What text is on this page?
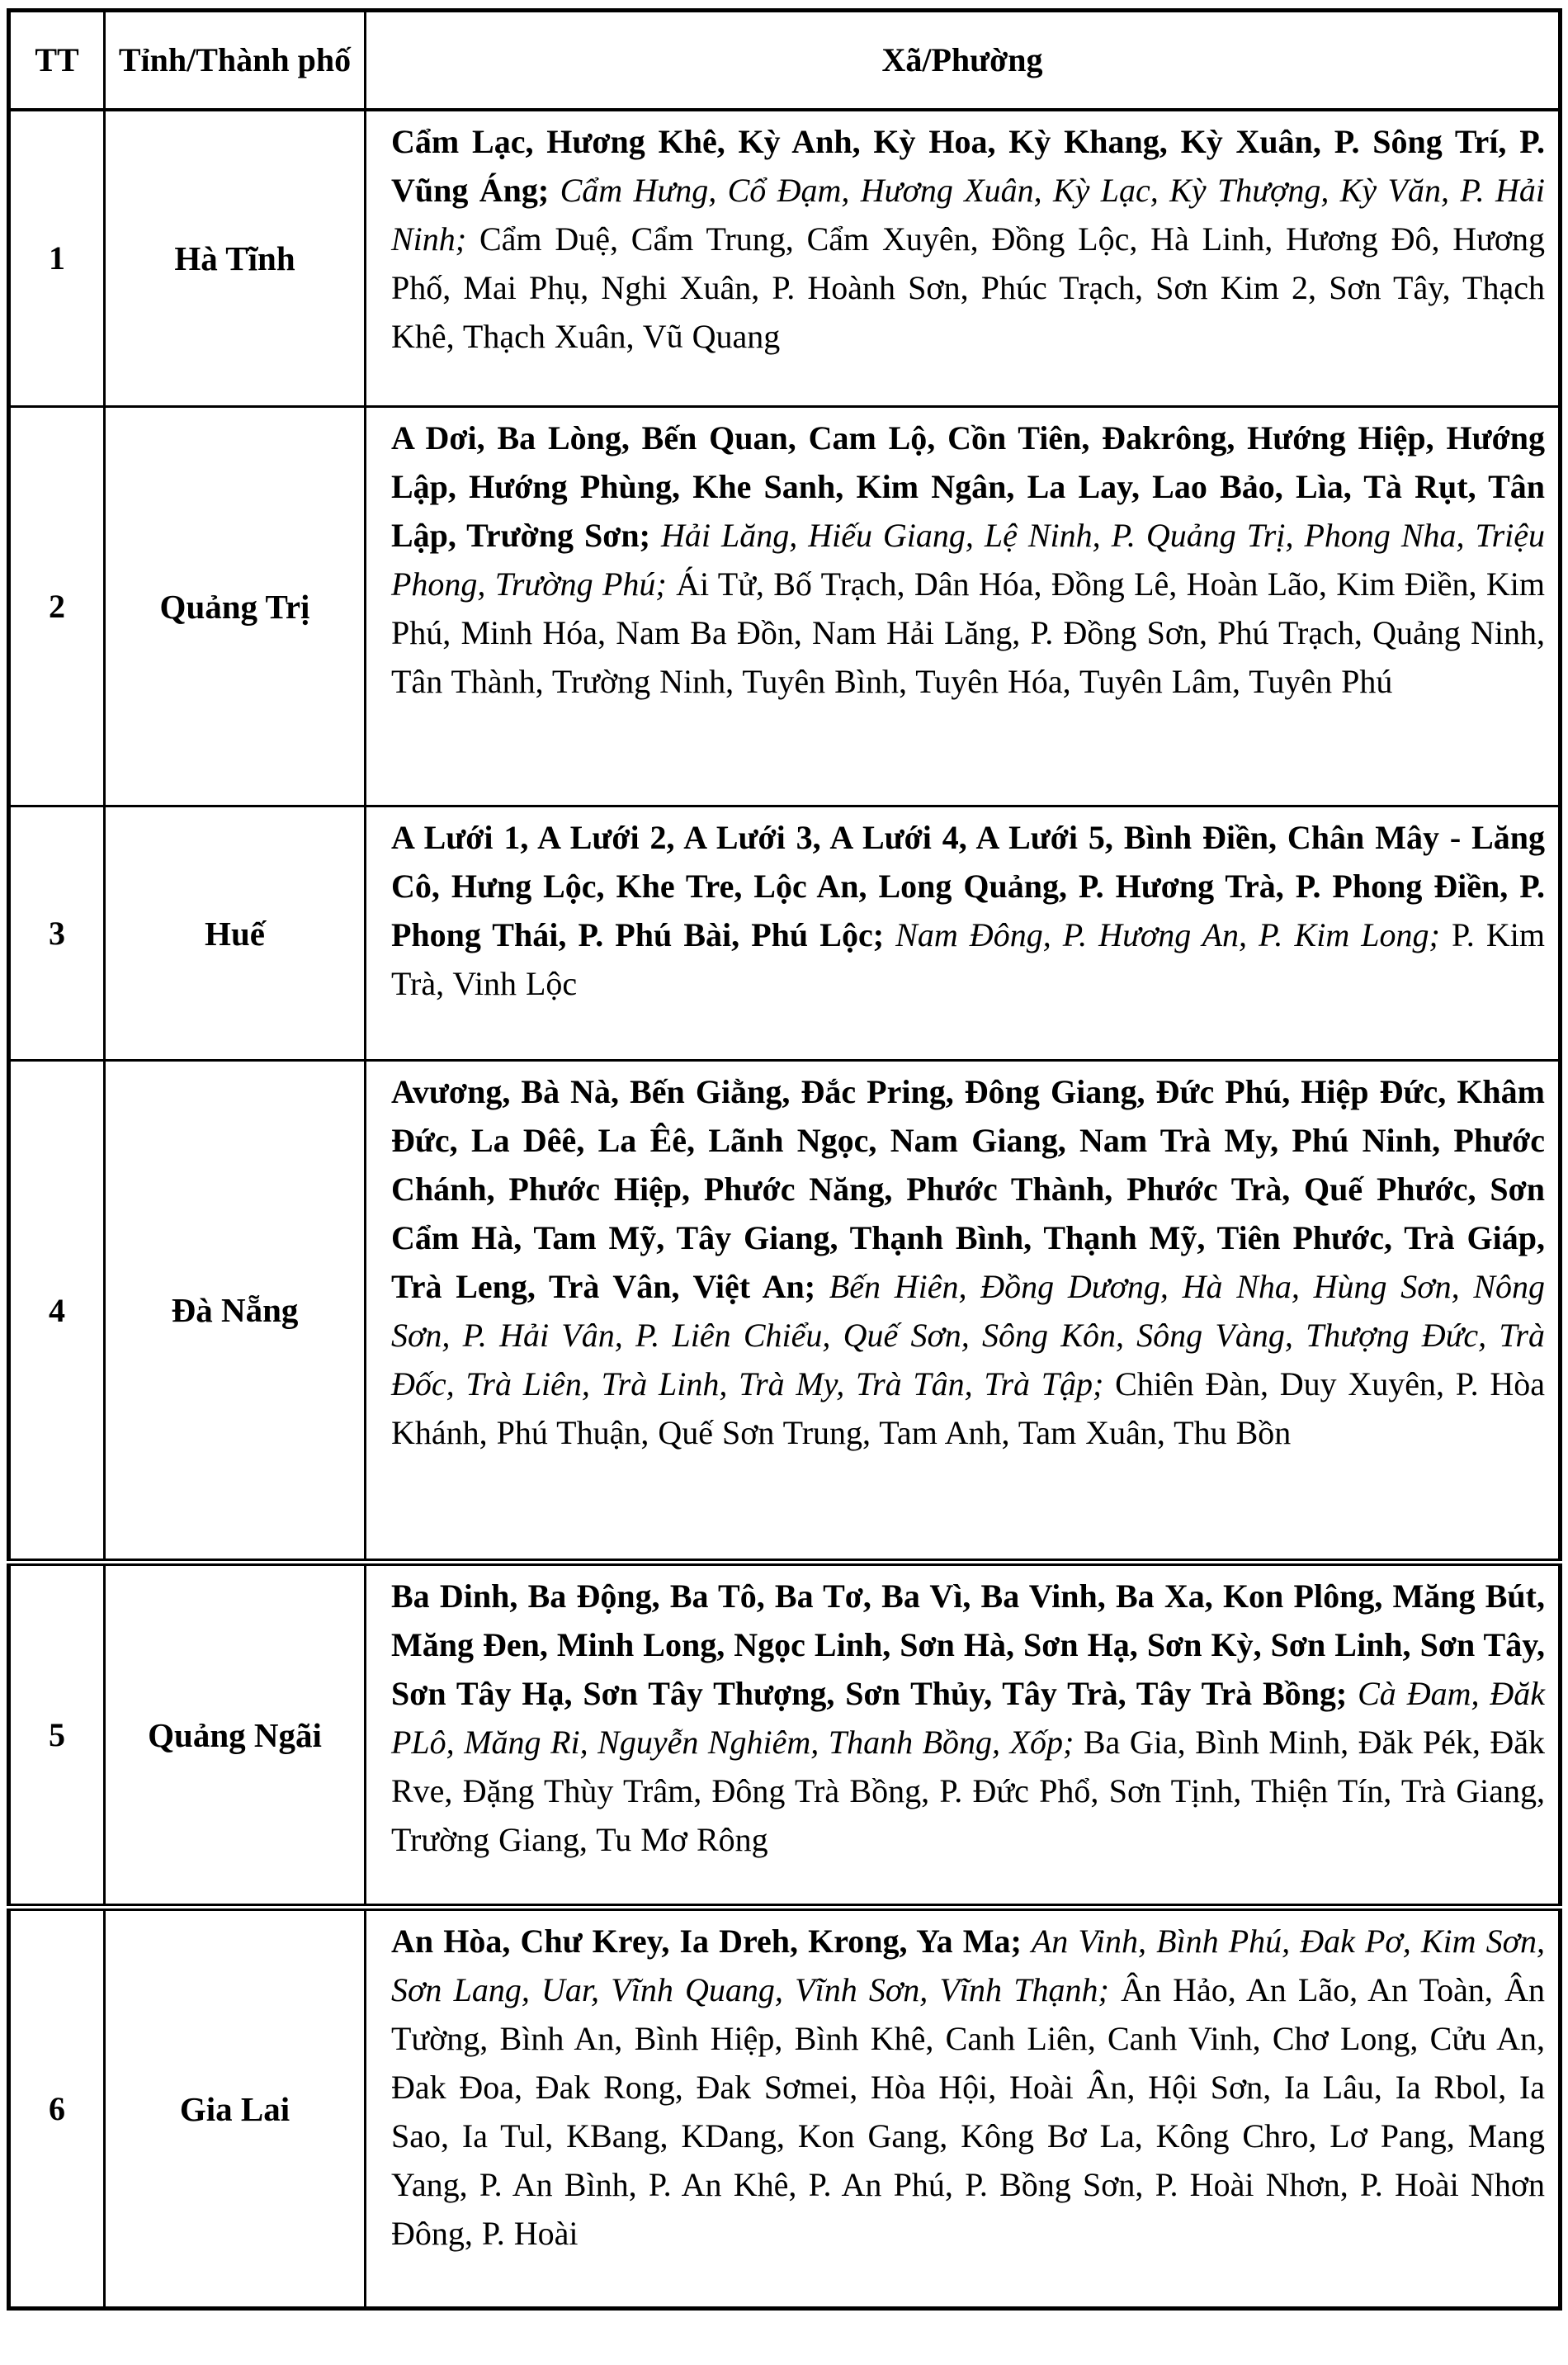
TT	Tỉnh/Thành phố	Xã/Phường
1	Hà Tĩnh	Cẩm Lạc, Hương Khê, Kỳ Anh, Kỳ Hoa, Kỳ Khang, Kỳ Xuân, P. Sông Trí, P. Vũng Áng; Cẩm Hưng, Cổ Đạm, Hương Xuân, Kỳ Lạc, Kỳ Thượng, Kỳ Văn, P. Hải Ninh; Cẩm Duệ, Cẩm Trung, Cẩm Xuyên, Đồng Lộc, Hà Linh, Hương Đô, Hương Phố, Mai Phụ, Nghi Xuân, P. Hoành Sơn, Phúc Trạch, Sơn Kim 2, Sơn Tây, Thạch Khê, Thạch Xuân, Vũ Quang
2	Quảng Trị	A Dơi, Ba Lòng, Bến Quan, Cam Lộ, Cồn Tiên, Đakrông, Hướng Hiệp, Hướng Lập, Hướng Phùng, Khe Sanh, Kim Ngân, La Lay, Lao Bảo, Lìa, Tà Rụt, Tân Lập, Trường Sơn; Hải Lăng, Hiếu Giang, Lệ Ninh, P. Quảng Trị, Phong Nha, Triệu Phong, Trường Phú; Ái Tử, Bố Trạch, Dân Hóa, Đồng Lê, Hoàn Lão, Kim Điền, Kim Phú, Minh Hóa, Nam Ba Đồn, Nam Hải Lăng, P. Đồng Sơn, Phú Trạch, Quảng Ninh, Tân Thành, Trường Ninh, Tuyên Bình, Tuyên Hóa, Tuyên Lâm, Tuyên Phú
3	Huế	A Lưới 1, A Lưới 2, A Lưới 3, A Lưới 4, A Lưới 5, Bình Điền, Chân Mây - Lăng Cô, Hưng Lộc, Khe Tre, Lộc An, Long Quảng, P. Hương Trà, P. Phong Điền, P. Phong Thái, P. Phú Bài, Phú Lộc; Nam Đông, P. Hương An, P. Kim Long; P. Kim Trà, Vinh Lộc
4	Đà Nẵng	Avương, Bà Nà, Bến Giằng, Đắc Pring, Đông Giang, Đức Phú, Hiệp Đức, Khâm Đức, La Dêê, La Êê, Lãnh Ngọc, Nam Giang, Nam Trà My, Phú Ninh, Phước Chánh, Phước Hiệp, Phước Năng, Phước Thành, Phước Trà, Quế Phước, Sơn Cẩm Hà, Tam Mỹ, Tây Giang, Thạnh Bình, Thạnh Mỹ, Tiên Phước, Trà Giáp, Trà Leng, Trà Vân, Việt An; Bến Hiên, Đồng Dương, Hà Nha, Hùng Sơn, Nông Sơn, P. Hải Vân, P. Liên Chiểu, Quế Sơn, Sông Kôn, Sông Vàng, Thượng Đức, Trà Đốc, Trà Liên, Trà Linh, Trà My, Trà Tân, Trà Tập; Chiên Đàn, Duy Xuyên, P. Hòa Khánh, Phú Thuận, Quế Sơn Trung, Tam Anh, Tam Xuân, Thu Bồn
5	Quảng Ngãi	Ba Dinh, Ba Động, Ba Tô, Ba Tơ, Ba Vì, Ba Vinh, Ba Xa, Kon Plông, Măng Bút, Măng Đen, Minh Long, Ngọc Linh, Sơn Hà, Sơn Hạ, Sơn Kỳ, Sơn Linh, Sơn Tây, Sơn Tây Hạ, Sơn Tây Thượng, Sơn Thủy, Tây Trà, Tây Trà Bồng; Cà Đam, Đăk PLô, Măng Ri, Nguyễn Nghiêm, Thanh Bồng, Xốp; Ba Gia, Bình Minh, Đăk Pék, Đăk Rve, Đặng Thùy Trâm, Đông Trà Bồng, P. Đức Phổ, Sơn Tịnh, Thiện Tín, Trà Giang, Trường Giang, Tu Mơ Rông
6	Gia Lai	An Hòa, Chư Krey, Ia Dreh, Krong, Ya Ma; An Vinh, Bình Phú, Đak Pơ, Kim Sơn, Sơn Lang, Uar, Vĩnh Quang, Vĩnh Sơn, Vĩnh Thạnh; Ân Hảo, An Lão, An Toàn, Ân Tường, Bình An, Bình Hiệp, Bình Khê, Canh Liên, Canh Vinh, Chơ Long, Cửu An, Đak Đoa, Đak Rong, Đak Sơmei, Hòa Hội, Hoài Ân, Hội Sơn, Ia Lâu, Ia Rbol, Ia Sao, Ia Tul, KBang, KDang, Kon Gang, Kông Bơ La, Kông Chro, Lơ Pang, Mang Yang, P. An Bình, P. An Khê, P. An Phú, P. Bồng Sơn, P. Hoài Nhơn, P. Hoài Nhơn Đông, P. Hoài
